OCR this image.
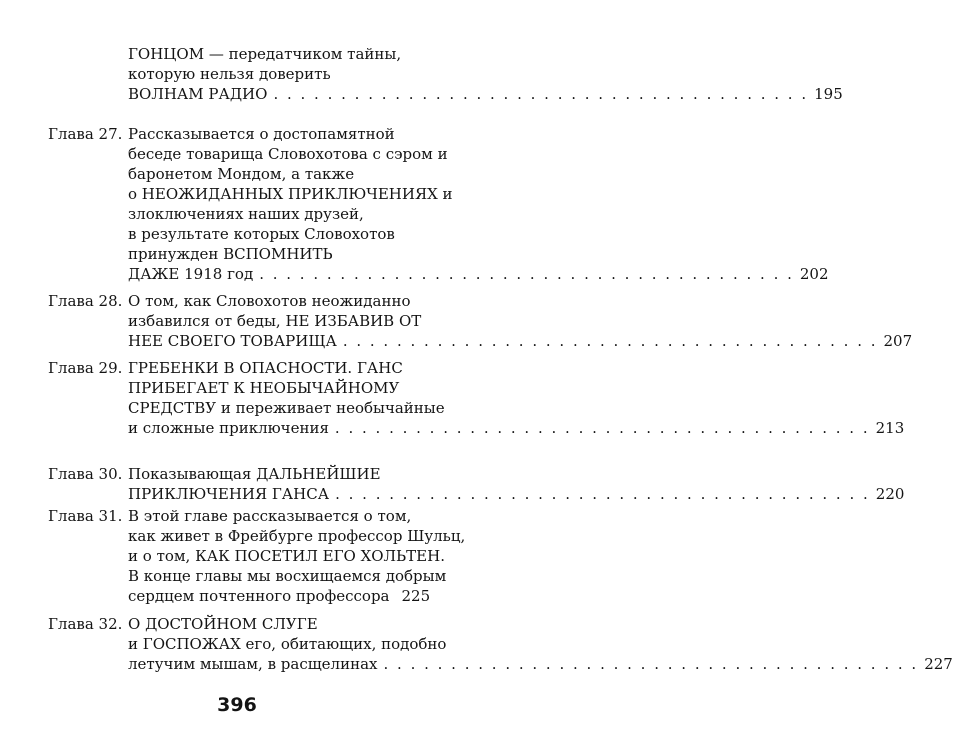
ГОНЦОМ — передатчиком тайны,
которую нельзя доверить
ВОЛНАМ РАДИО . . . . . . . . . . . . . . . . . . . . . . . . . . . . . . . . . . . . . . . . 195
Глава 27. Рассказывается о достопамятной
беседе товарища Словохотова с сэром и
баронетом Мондом, а также
о НЕОЖИДАННЫХ ПРИКЛЮЧЕНИЯХ и
злоключениях наших друзей,
в результате которых Словохотов
принужден ВСПОМНИТЬ
ДАЖЕ 1918 год . . . . . . . . . . . . . . . . . . . . . . . . . . . . . . . . . . . . . . . . 202
Глава 28. О том, как Словохотов неожиданно
избавился от беды, НЕ ИЗБАВИВ ОТ
НЕЕ СВОЕГО ТОВАРИЩА . . . . . . . . . . . . . . . . . . . . . . . . . . . . . . . . . . . . . . . . 207
Глава 29. ГРЕБЕНКИ В ОПАСНОСТИ. ГАНС
ПРИБЕГАЕТ К НЕОБЫЧАЙНОМУ
СРЕДСТВУ и переживает необычайные
и сложные приключения . . . . . . . . . . . . . . . . . . . . . . . . . . . . . . . . . . . . . . . . 213
Глава 30. Показывающая ДАЛЬНЕЙШИЕ
ПРИКЛЮЧЕНИЯ ГАНСА . . . . . . . . . . . . . . . . . . . . . . . . . . . . . . . . . . . . . . . . 220
Глава 31. В этой главе рассказывается о том,
как живет в Фрейбурге профессор Шульц,
и о том, КАК ПОСЕТИЛ ЕГО ХОЛЬТЕН.
В конце главы мы восхищаемся добрым
сердцем почтенного профессора 225
Глава 32. О ДОСТОЙНОМ СЛУГЕ
и ГОСПОЖАХ его, обитающих, подобно
летучим мышам, в расщелинах . . . . . . . . . . . . . . . . . . . . . . . . . . . . . . . . . . . . . . . . 227
396
